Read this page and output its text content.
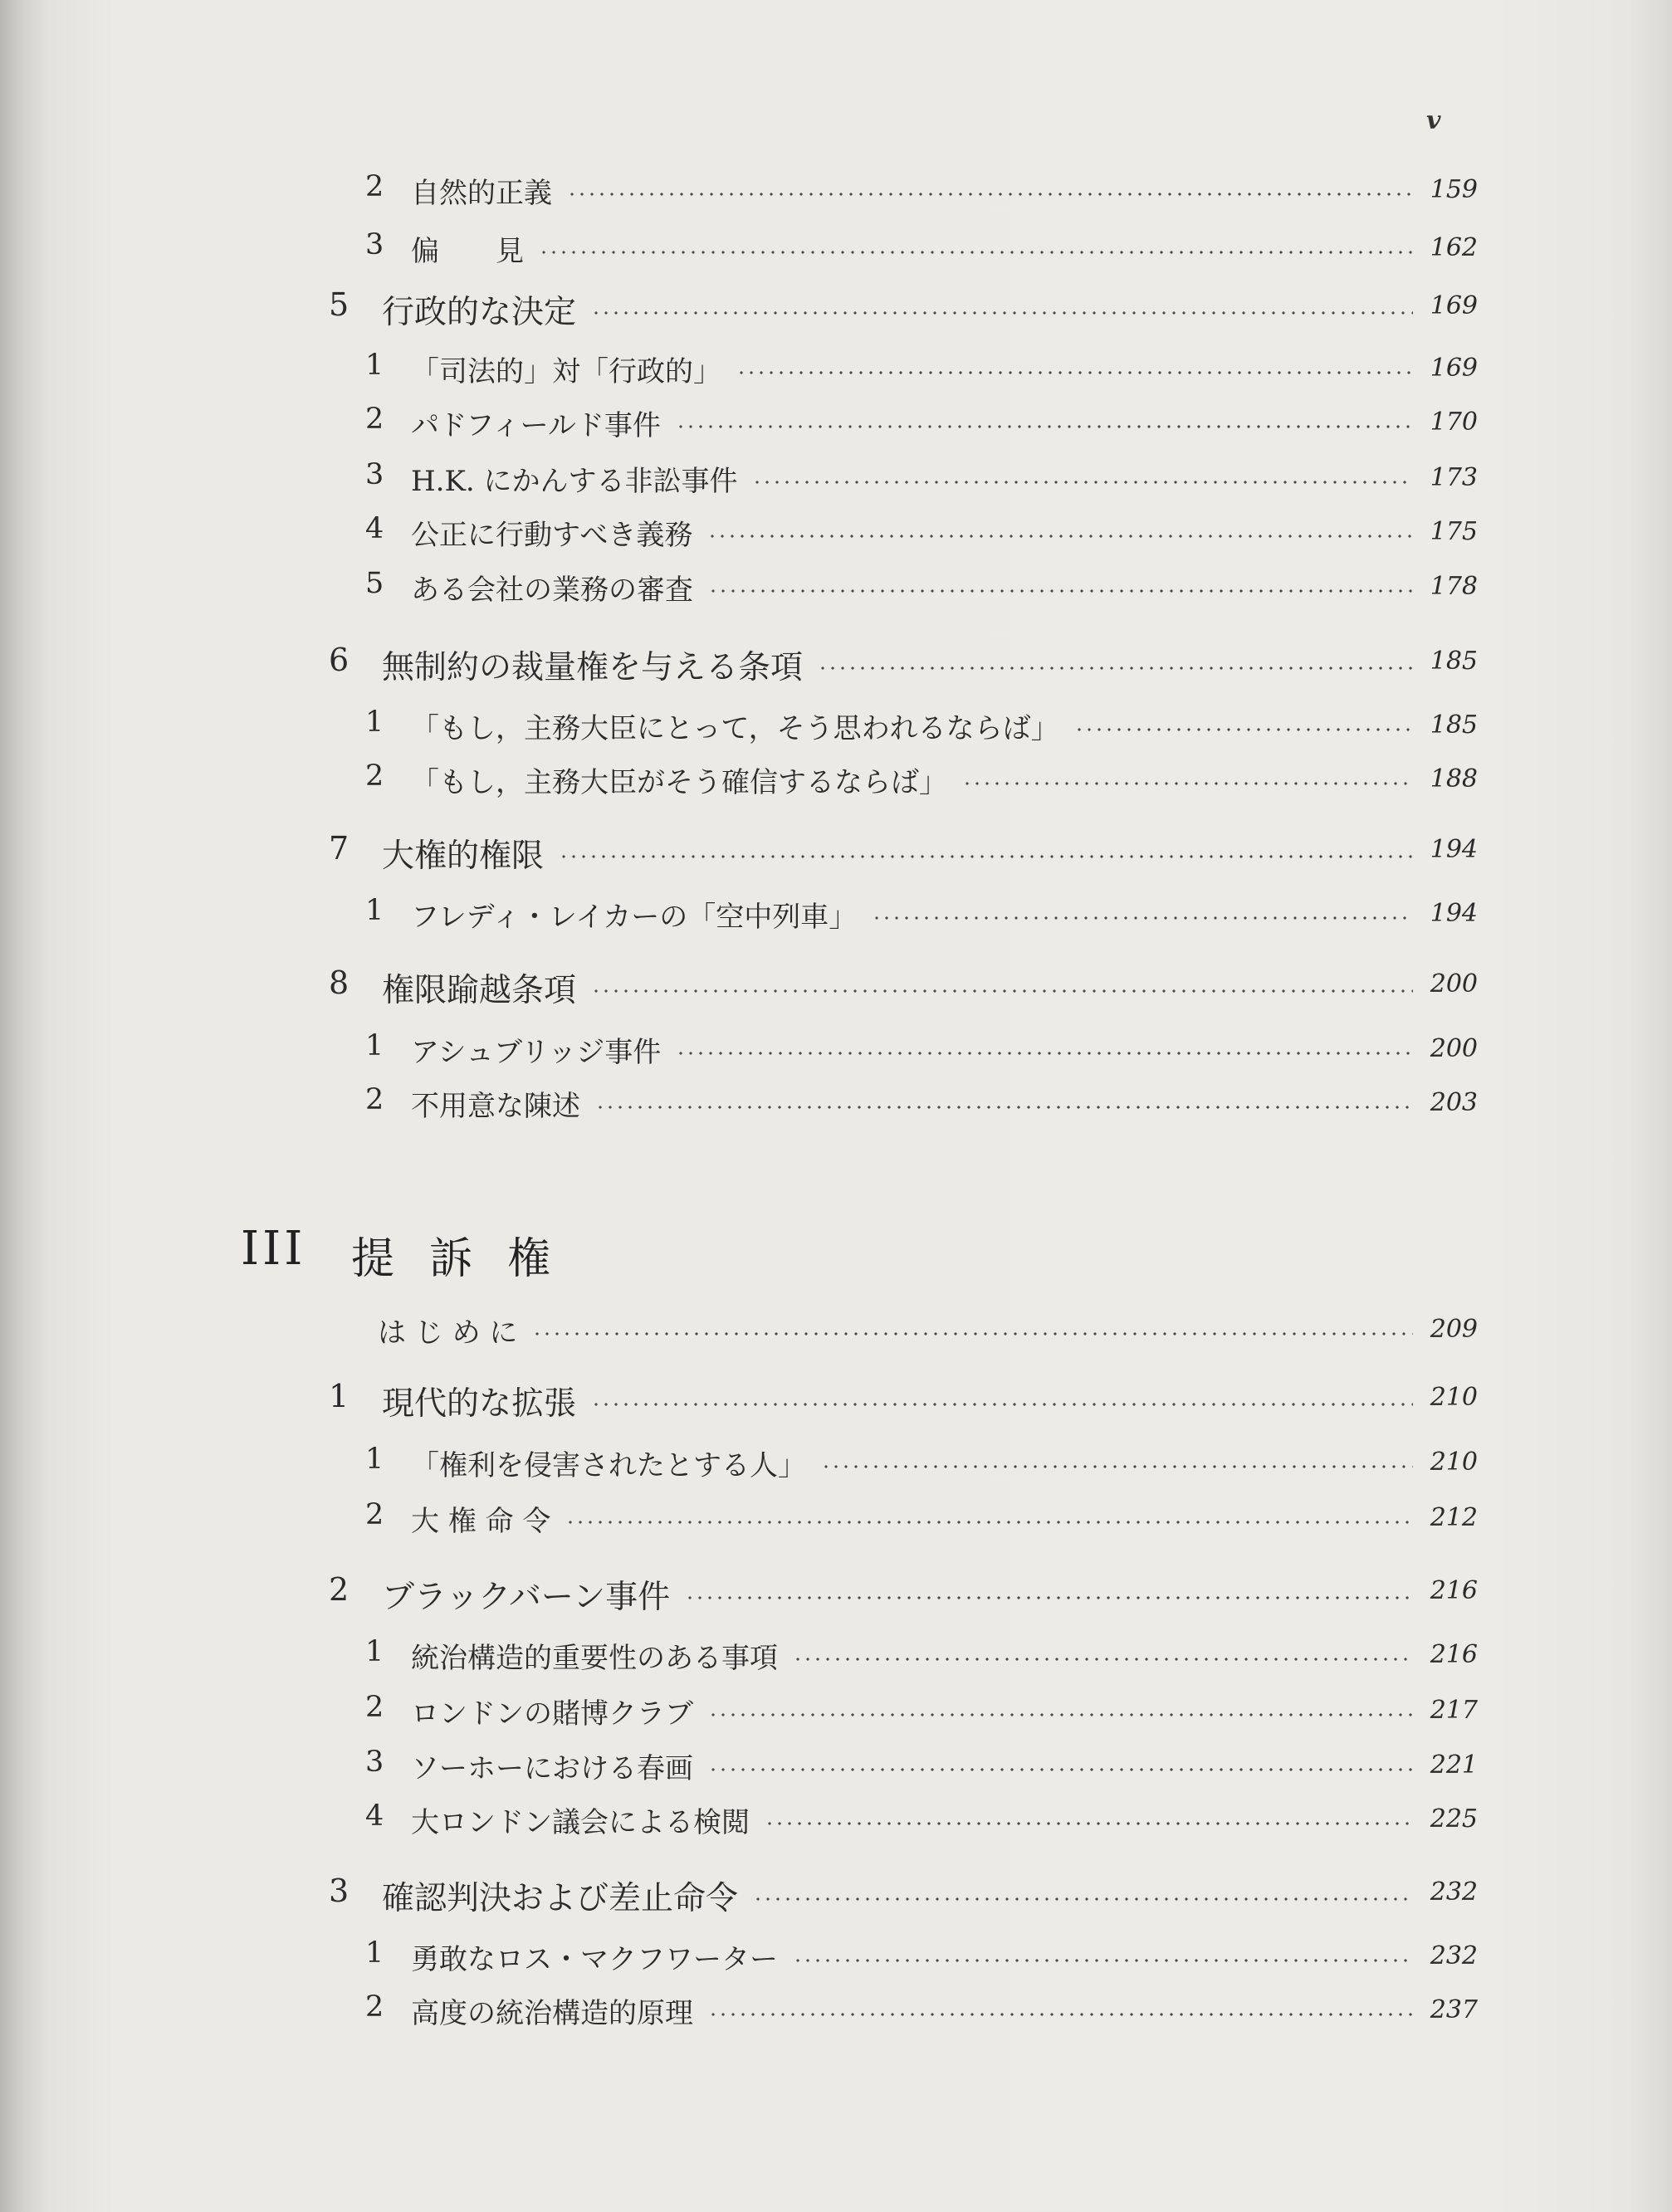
v
2 自然的正義	159
3 偏　　見	162
5 行政的な決定	169
1 「司法的」対「行政的」	169
2 パドフィールド事件	170
3 H.K. にかんする非訟事件	173
4 公正に行動すべき義務	175
5 ある会社の業務の審査	178
6 無制約の裁量権を与える条項	185
1 「もし，主務大臣にとって，そう思われるならば」	185
2 「もし，主務大臣がそう確信するならば」	188
7 大権的権限	194
1 フレディ・レイカーの「空中列車」	194
8 権限踰越条項	200
1 アシュブリッジ事件	200
2 不用意な陳述	203
III 提訴権
は じ め に	209
1 現代的な拡張	210
1 「権利を侵害されたとする人」	210
2 大 権 命 令	212
2 ブラックバーン事件	216
1 統治構造的重要性のある事項	216
2 ロンドンの賭博クラブ	217
3 ソーホーにおける春画	221
4 大ロンドン議会による検閲	225
3 確認判決および差止命令	232
1 勇敢なロス・マクフワーター	232
2 高度の統治構造的原理	237
